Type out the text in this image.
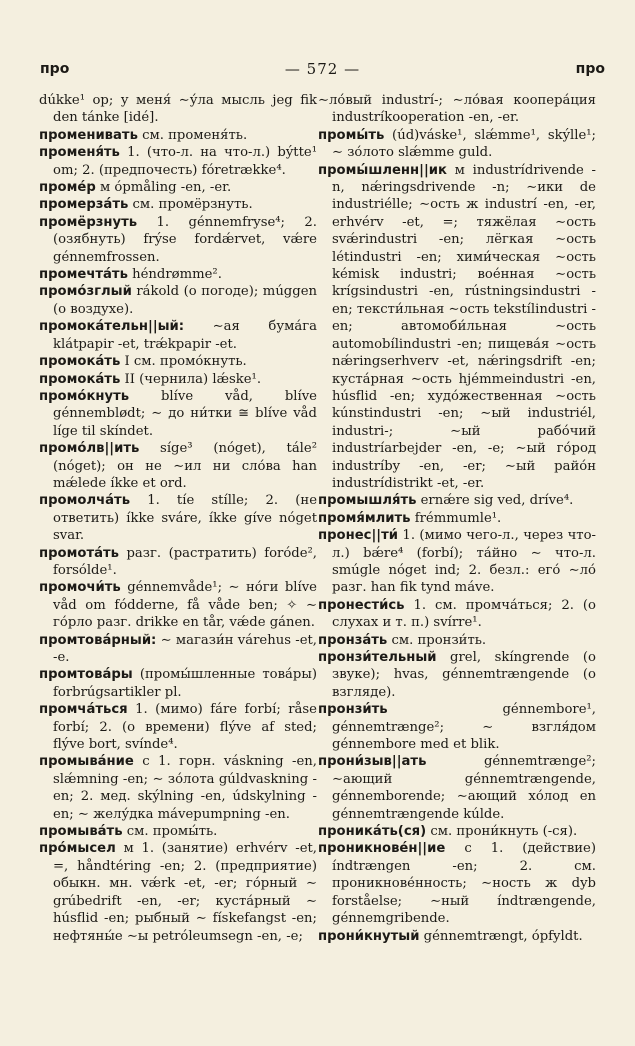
про	— 572 —	про

dúkke¹ op; у меня́ ∼у́ла мысль jeg fik den tánke [idé].

променивать см. променя́ть.

променя́ть 1. (что-л. на что-л.) býtte¹ om; 2. (предпочесть) fóretrække⁴.

проме́р м ópmåling -en, -er.

промерза́ть см. промёрзнуть.

промёрзнуть 1. génnemfryse⁴; 2. (озябнуть) frýse fordǽrvet, vǽre génnemfrossen.

промечта́ть héndrømme².

промо́зглый rákold (о погоде); múggen (о воздухе).

промока́тельн||ый: ∼ая бума́га klátpapir -et, trǽkpapir -et.

промока́ть I см. промо́кнуть.

промока́ть II (чернила) lǽske¹.

промо́кнуть blíve våd, blíve génnemblødt; ∼ до ни́тки ≅ blíve våd líge til skíndet.

промо́лв||ить síge³ (nóget), tále² (nóget); он не ∼ил ни сло́ва han mǽlede íkke et ord.

промолча́ть 1. tíe stílle; 2. (не ответить) íkke sváre, íkke gíve nóget svar.

промота́ть разг. (растратить) foróde², forsólde¹.

промочи́ть génnemvåde¹; ∼ но́ги blíve våd om fódderne, få våde ben; ✧ ∼ го́рло разг. drikke en tår, vǽde gánen.

промтова́рный: ∼ магази́н várehus -et, -e.

промтова́ры (промы́шленные това́ры) forbrúgsartikler pl.

промча́ться 1. (мимо) fáre forbí; råse forbí; 2. (о времени) flýve af sted; flýve bort, svínde⁴.

промыва́ние с 1. горн. váskning -en, slǽmning -en; ∼ зо́лота gúldvaskning -en; 2. мед. skýlning -en, údskylning -en; ∼ желу́дка mávepumpning -en.

промыва́ть см. промы́ть.

про́мысел м 1. (занятие) erhvérv -et, =, håndtéring -en; 2. (предприятие) обыкн. мн. vǽrk -et, -er; го́рный ∼ grúbedrift -en, -er; куста́рный ∼ húsflid -en; рыбный ∼ fískefangst -en; нефтяны́е ∼ы petróleumsegn -en, -e;

∼ло́вый industrí-; ∼ло́вая коопера́ция industríkooperation -en, -er.

промы́ть (úd)váske¹, slǽmme¹, skýlle¹; ∼ зо́лото slǽmme guld.

промы́шленн||ик м industrídrivende -n, nǽringsdrivende -n; ∼ики de industriélle; ∼ость ж industrí -en, -er, erhvérv -et, =; тяжёлая ∼ость svǽrindustri -en; лёгкая ∼ость létindustri -en; хими́ческая ∼ость kémisk industri; вое́нная ∼ость krígsindustri -en, rústningsindustri -en; тексти́льная ∼ость tekstílindustri -en; автомоби́льная ∼ость automobílindustri -en; пищева́я ∼ость nǽringserhverv -et, nǽringsdrift -en; куста́рная ∼ость hjémmeindustri -en, húsflid -en; худо́жественная ∼ость kúnstindustri -en; ∼ый industriél, industri-; ∼ый рабо́чий industríarbejder -en, -e; ∼ый го́род industríby -en, -er; ∼ый райо́н industrídistrikt -et, -er.

промышля́ть ernǽre sig ved, dríve⁴.

промя́млить frémmumle¹.

пронес||ти́ 1. (мимо чего-л., через что-л.) bǽre⁴ (forbí); та́йно ∼ что-л. smúgle nóget ind; 2. безл.: его́ ∼ло́ разг. han fik tynd máve.

пронести́сь 1. см. промча́ться; 2. (о слухах и т. п.) svírre¹.

пронза́ть см. пронзи́ть.

пронзи́тельный grel, skíngrende (о звуке); hvas, génnemtrængende (о взгляде).

пронзи́ть génnembore¹, génnemtrænge²; ∼ взгля́дом génnembore med et blik.

прони́зыв||ать génnemtrænge²; ∼ающий génnemtrængende, génnemborende; ∼ающий хо́лод en génnemtrængende kúlde.

проника́ть(ся) см. прони́кнуть (-ся).

проникнове́н||ие с 1. (действие) índtrængen -en; 2. см. проникнове́нность; ∼ность ж dyb forståelse; ∼ный índtrængende, génnemgribende.

прони́кнутый génnemtrængt, ópfyldt.
